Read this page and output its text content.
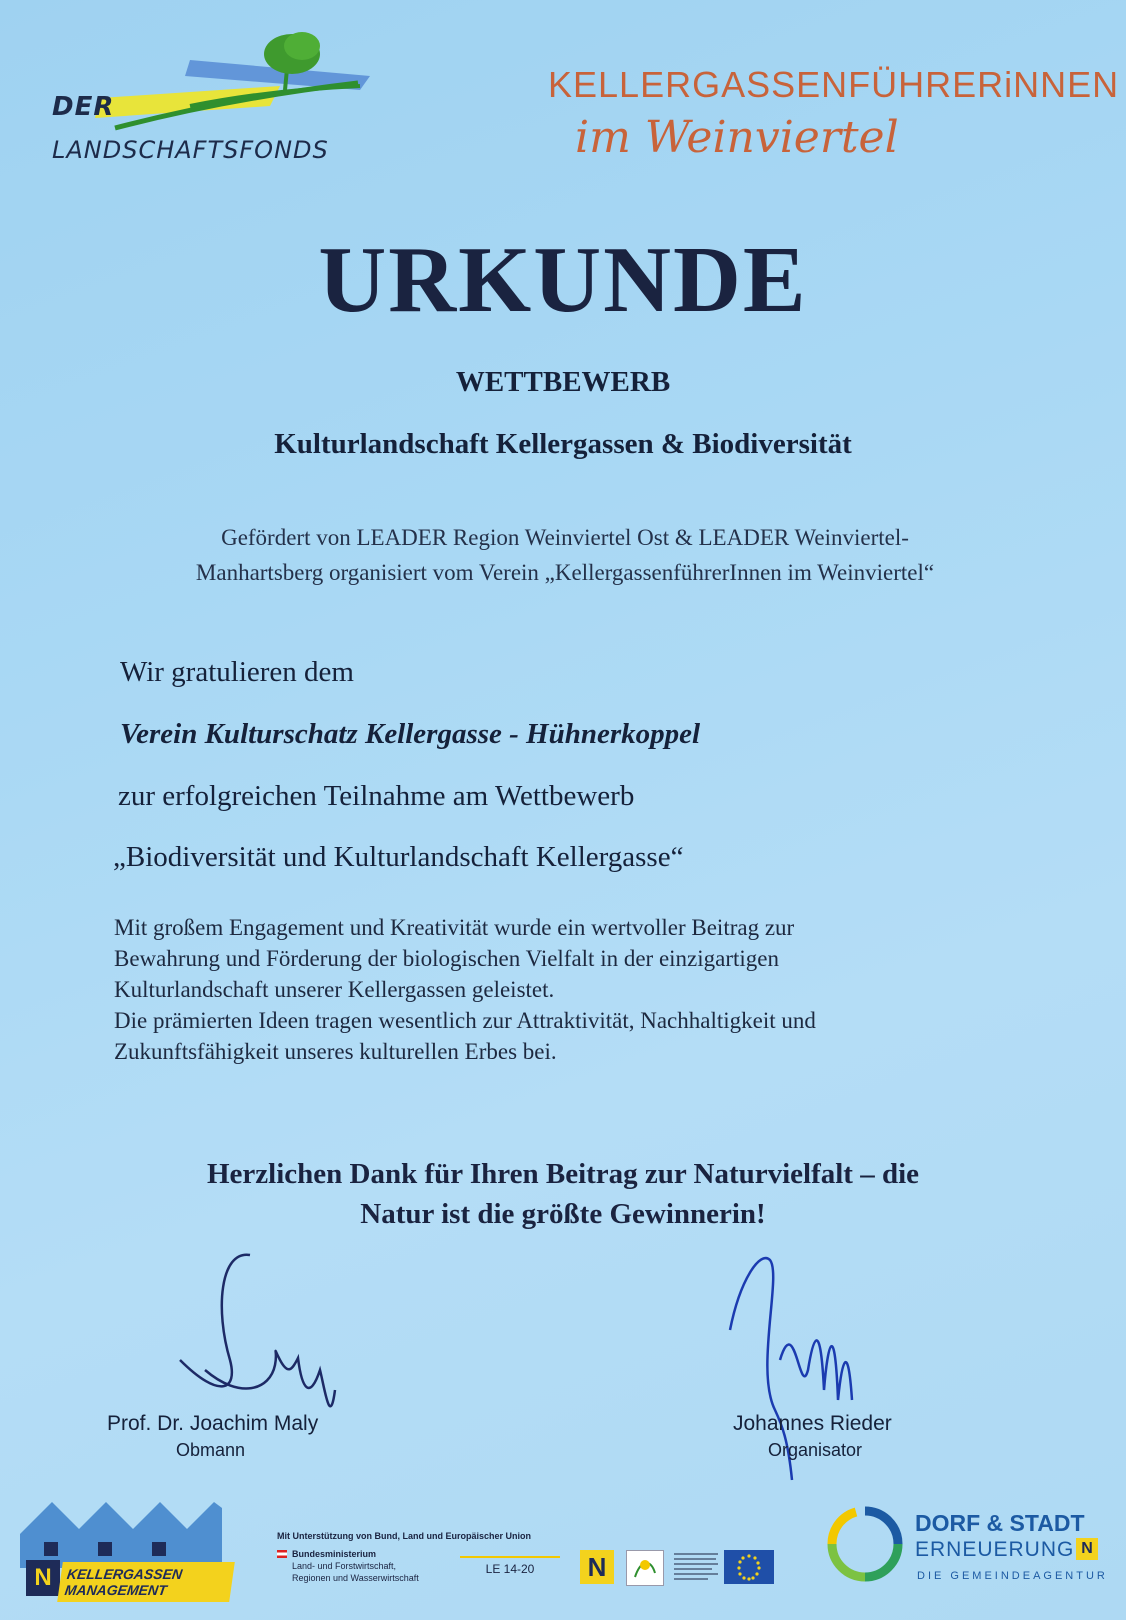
DER
LANDSCHAFTSFONDS
KELLERGASSENFÜHRERiNNEN
im Weinviertel
URKUNDE
WETTBEWERB
Kulturlandschaft Kellergassen & Biodiversität
Gefördert von LEADER Region Weinviertel Ost & LEADER Weinviertel-
Manhartsberg organisiert vom Verein „KellergassenführerInnen im Weinviertel“
Wir gratulieren dem
Verein Kulturschatz Kellergasse - Hühnerkoppel
zur erfolgreichen Teilnahme am Wettbewerb
„Biodiversität und Kulturlandschaft Kellergasse“
Mit großem Engagement und Kreativität wurde ein wertvoller Beitrag zur
Bewahrung und Förderung der biologischen Vielfalt in der einzigartigen
Kulturlandschaft unserer Kellergassen geleistet.
Die prämierten Ideen tragen wesentlich zur Attraktivität, Nachhaltigkeit und
Zukunftsfähigkeit unseres kulturellen Erbes bei.
Herzlichen Dank für Ihren Beitrag zur Naturvielfalt – die
Natur ist die größte Gewinnerin!
Prof. Dr. Joachim Maly
Obmann
Johannes Rieder
Organisator
N	KELLERGASSEN
MANAGEMENT
Mit Unterstützung von Bund, Land und Europäischer Union
Bundesministerium
Land- und Forstwirtschaft,
Regionen und Wasserwirtschaft
LE 14-20	N
DORF & STADT
ERNEUERUNG N
DIE GEMEINDEAGENTUR
